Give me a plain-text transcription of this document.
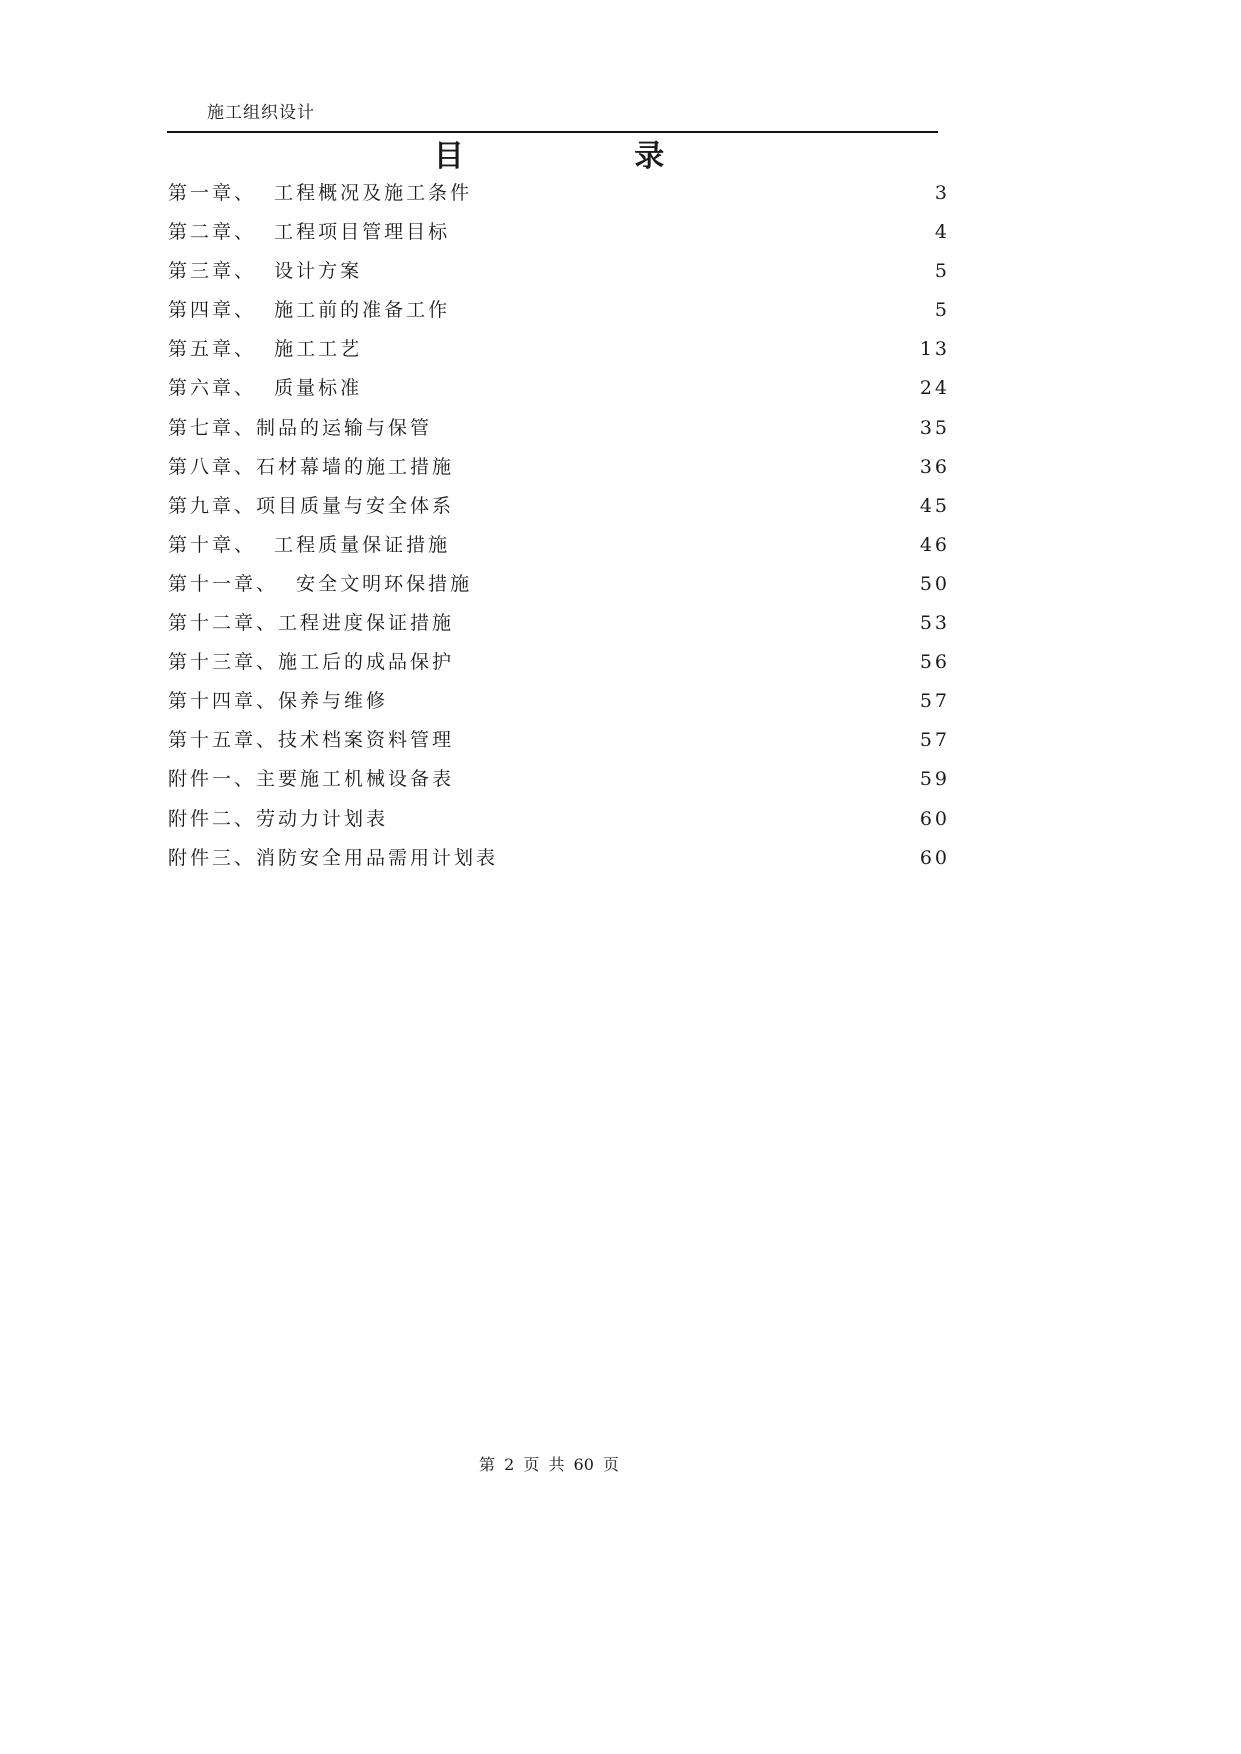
施工组织设计
目 录
第一章、  工程概况及施工条件	3
第二章、  工程项目管理目标	4
第三章、  设计方案	5
第四章、  施工前的准备工作	5
第五章、  施工工艺	13
第六章、  质量标准	24
第七章、制品的运输与保管	35
第八章、石材幕墙的施工措施	36
第九章、项目质量与安全体系	45
第十章、  工程质量保证措施	46
第十一章、  安全文明环保措施	50
第十二章、工程进度保证措施	53
第十三章、施工后的成品保护	56
第十四章、保养与维修	57
第十五章、技术档案资料管理	57
附件一、主要施工机械设备表	59
附件二、劳动力计划表	60
附件三、消防安全用品需用计划表	60
第 2 页 共 60 页
